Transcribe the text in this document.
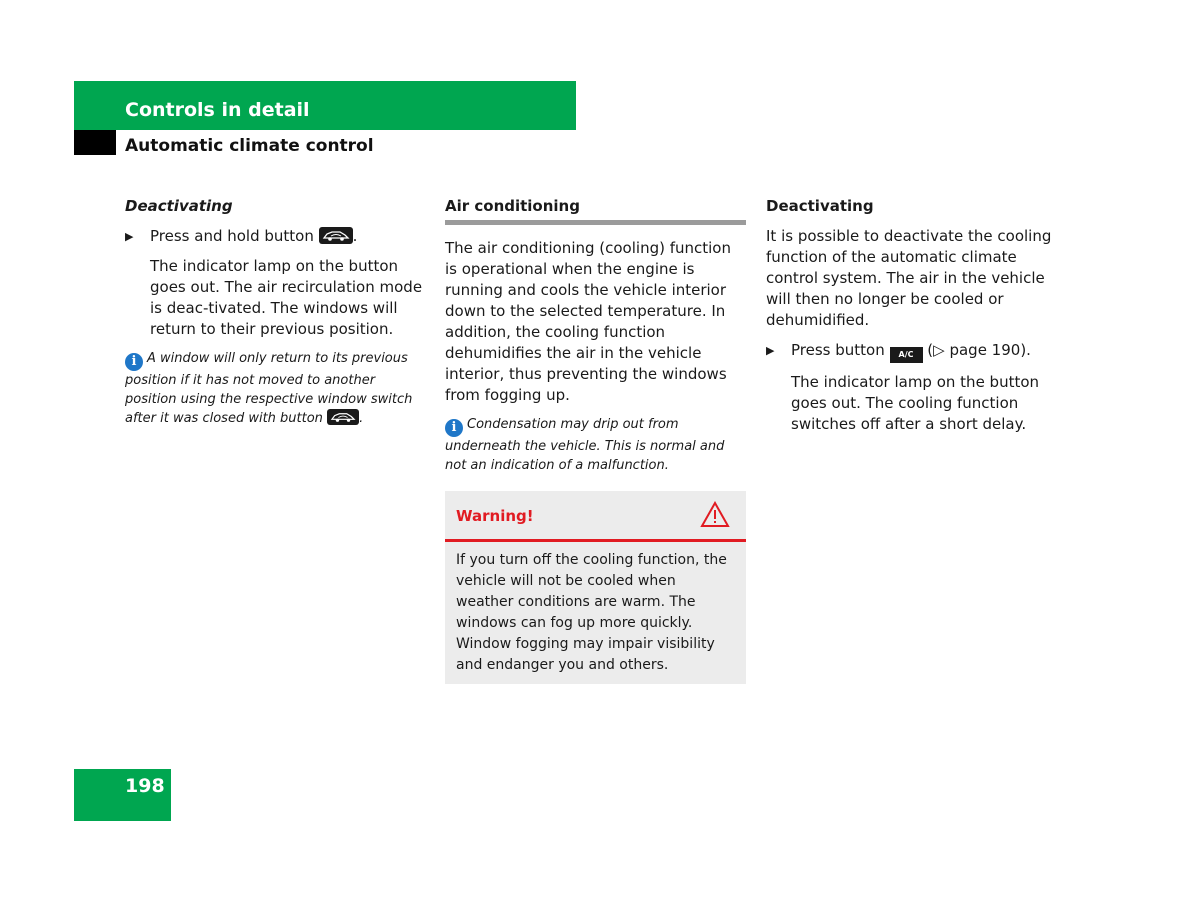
Controls in detail
Automatic climate control
Deactivating
▶ Press and hold button	.
The indicator lamp on the button goes out. The air recirculation mode is deac-tivated. The windows will return to their previous position.
i A window will only return to its previous position if it has not moved to another position using the respective window switch after it was closed with button	.
Air conditioning

The air conditioning (cooling) function is operational when the engine is running and cools the vehicle interior down to the selected temperature. In addition, the cooling function dehumidifies the air in the vehicle interior, thus preventing the windows from fogging up.

i Condensation may drip out from underneath the vehicle. This is normal and not an indication of a malfunction.
Warning!
If you turn off the cooling function, the vehicle will not be cooled when weather conditions are warm. The windows can fog up more quickly. Window fogging may impair visibility and endanger you and others.
Deactivating

It is possible to deactivate the cooling function of the automatic climate control system. The air in the vehicle will then no longer be cooled or dehumidified.

▶ Press button A/C (▷ page 190).
The indicator lamp on the button goes out. The cooling function switches off after a short delay.
198
